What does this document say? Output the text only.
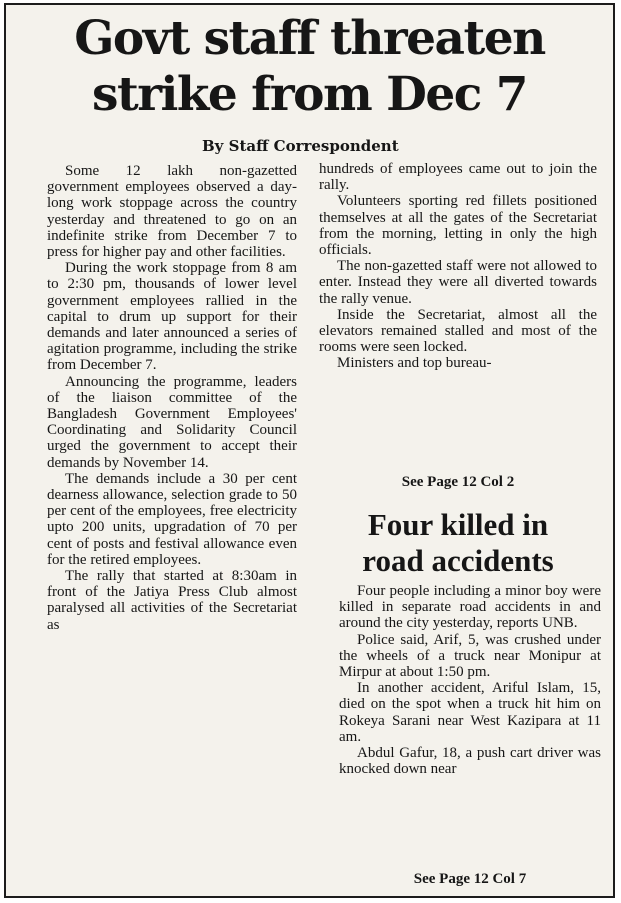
Govt staff threaten
strike from Dec 7

By Staff Correspondent

Some 12 lakh non-gazetted government employees observed a day-long work stoppage across the country yesterday and threatened to go on an indefinite strike from December 7 to press for higher pay and other facilities.

During the work stoppage from 8 am to 2:30 pm, thousands of lower level government employees rallied in the capital to drum up support for their demands and later announced a series of agitation programme, including the strike from December 7.

Announcing the programme, leaders of the liaison committee of the Bangladesh Government Employees' Coordinating and Solidarity Council urged the government to accept their demands by November 14.

The demands include a 30 per cent dearness allowance, selection grade to 50 per cent of the employees, free electricity upto 200 units, upgradation of 70 per cent of posts and festival allowance even for the retired employees.

The rally that started at 8:30am in front of the Jatiya Press Club almost paralysed all activities of the Secretariat as

hundreds of employees came out to join the rally.

Volunteers sporting red fillets positioned themselves at all the gates of the Secretariat from the morning, letting in only the high officials.

The non-gazetted staff were not allowed to enter. Instead they were all diverted towards the rally venue.

Inside the Secretariat, almost all the elevators remained stalled and most of the rooms were seen locked.

Ministers and top bureau-

See Page 12 Col 2

Four killed in
road accidents

Four people including a minor boy were killed in separate road accidents in and around the city yesterday, reports UNB.

Police said, Arif, 5, was crushed under the wheels of a truck near Monipur at Mirpur at about 1:50 pm.

In another accident, Ariful Islam, 15, died on the spot when a truck hit him on Rokeya Sarani near West Kazipara at 11 am.

Abdul Gafur, 18, a push cart driver was knocked down near

See Page 12 Col 7
